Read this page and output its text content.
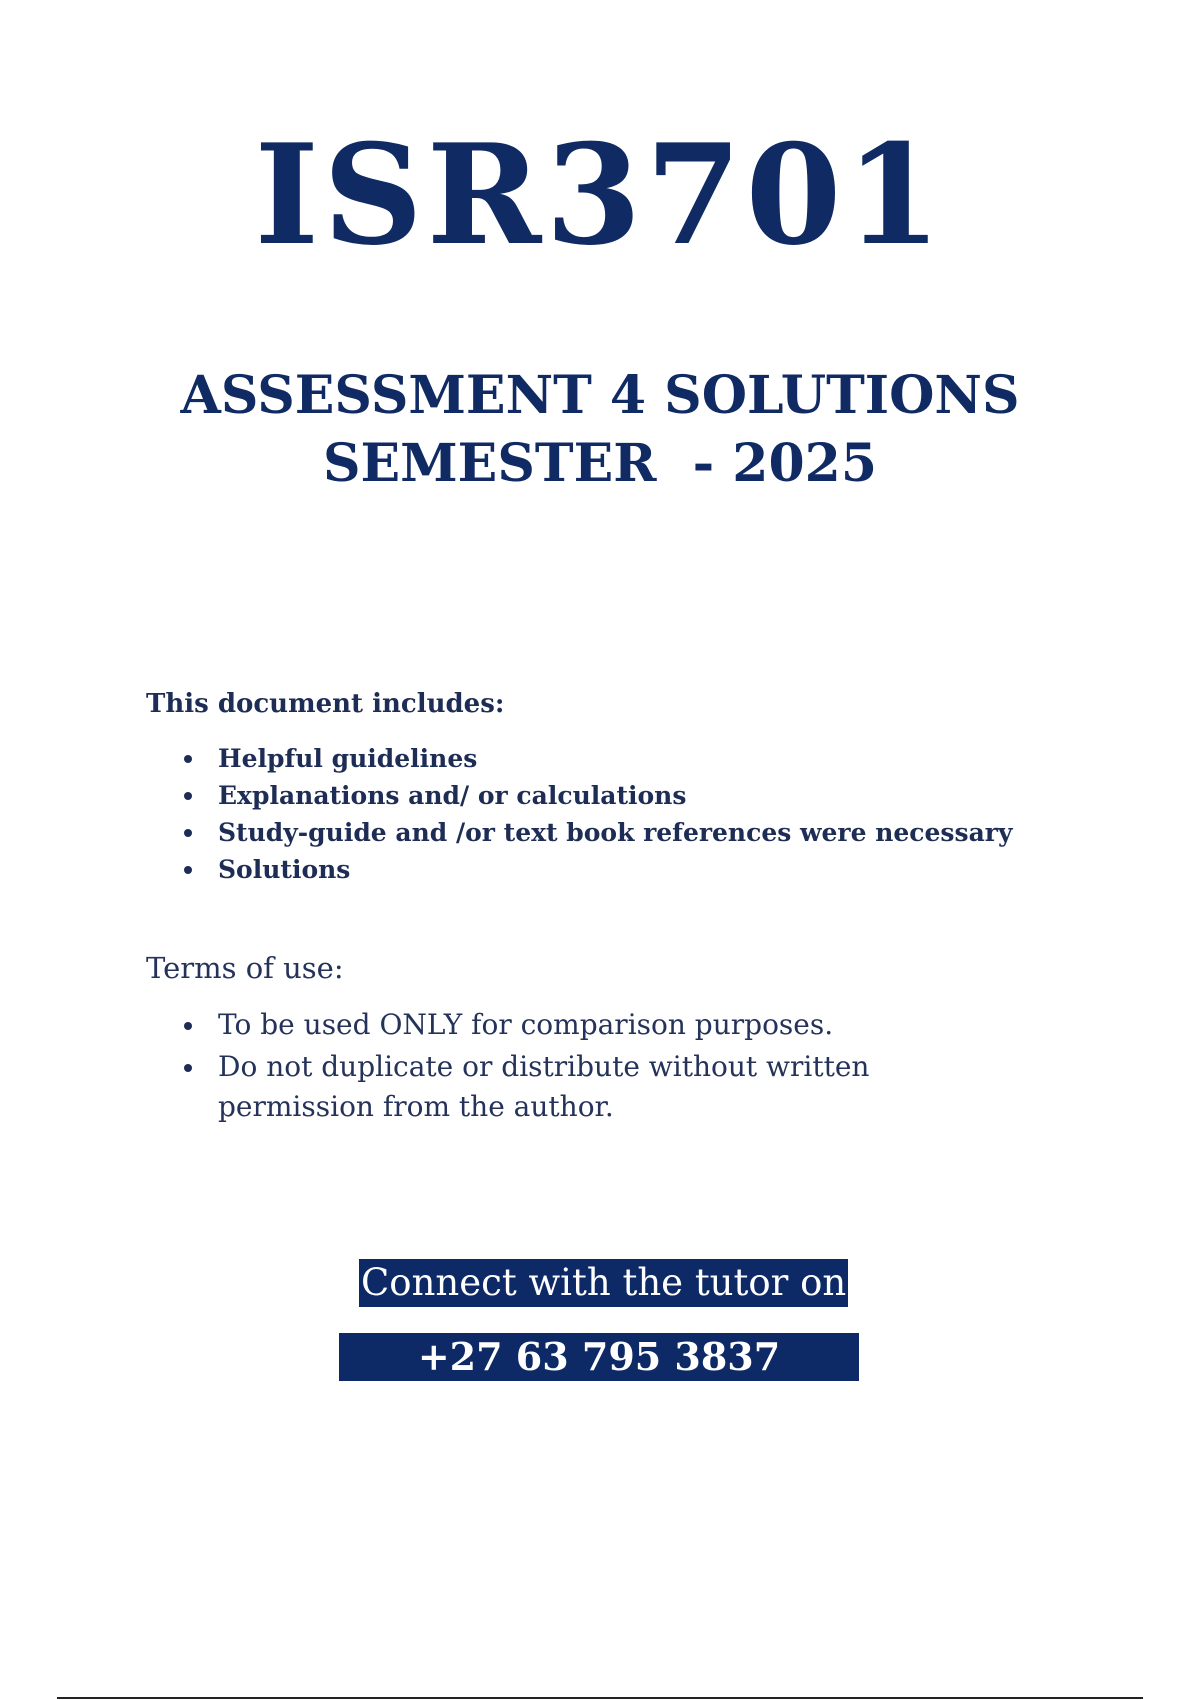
ISR3701
ASSESSMENT 4 SOLUTIONS
SEMESTER  - 2025
This document includes:
Helpful guidelines
Explanations and/ or calculations
Study-guide and /or text book references were necessary
Solutions
Terms of use:
To be used ONLY for comparison purposes.
Do not duplicate or distribute without written permission from the author.
Connect with the tutor on
+27 63 795 3837
